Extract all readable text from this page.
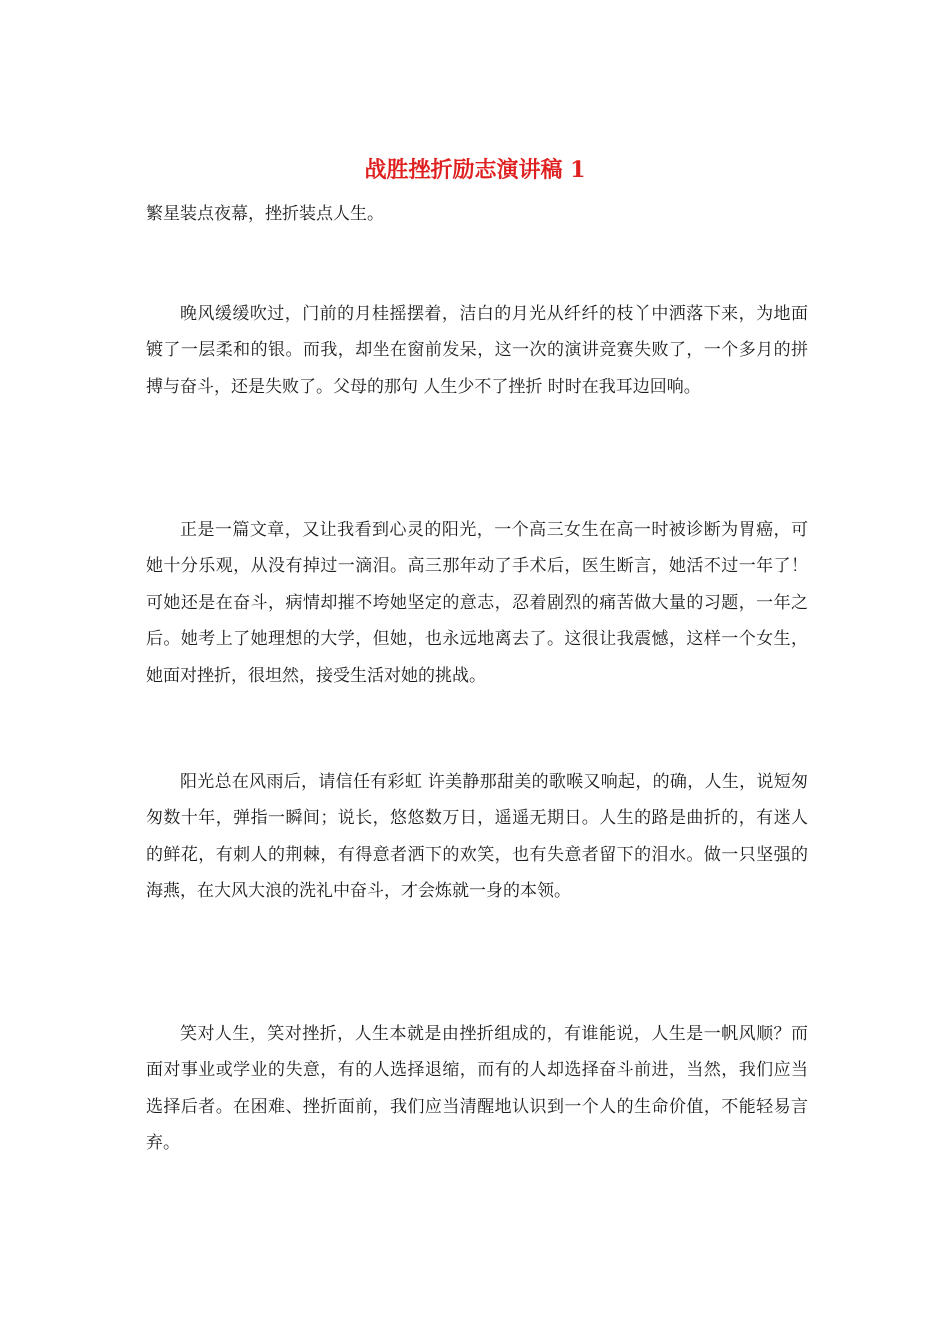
战胜挫折励志演讲稿 1

繁星装点夜幕，挫折装点人生。

晚风缓缓吹过，门前的月桂摇摆着，洁白的月光从纤纤的枝丫中洒落下来，为地面镀了一层柔和的银。而我，却坐在窗前发呆，这一次的演讲竞赛失败了，一个多月的拼搏与奋斗，还是失败了。父母的那句 人生少不了挫折 时时在我耳边回响。

正是一篇文章，又让我看到心灵的阳光，一个高三女生在高一时被诊断为胃癌，可她十分乐观，从没有掉过一滴泪。高三那年动了手术后，医生断言，她活不过一年了！可她还是在奋斗，病情却摧不垮她坚定的意志，忍着剧烈的痛苦做大量的习题，一年之后。她考上了她理想的大学，但她，也永远地离去了。这很让我震憾，这样一个女生，她面对挫折，很坦然，接受生活对她的挑战。

阳光总在风雨后，请信任有彩虹 许美静那甜美的歌喉又响起，的确，人生，说短匆匆数十年，弹指一瞬间；说长，悠悠数万日，遥遥无期日。人生的路是曲折的，有迷人的鲜花，有刺人的荆棘，有得意者洒下的欢笑，也有失意者留下的泪水。做一只坚强的海燕，在大风大浪的洗礼中奋斗，才会炼就一身的本领。

笑对人生，笑对挫折，人生本就是由挫折组成的，有谁能说，人生是一帆风顺？而面对事业或学业的失意，有的人选择退缩，而有的人却选择奋斗前进，当然，我们应当选择后者。在困难、挫折面前，我们应当清醒地认识到一个人的生命价值，不能轻易言弃。
